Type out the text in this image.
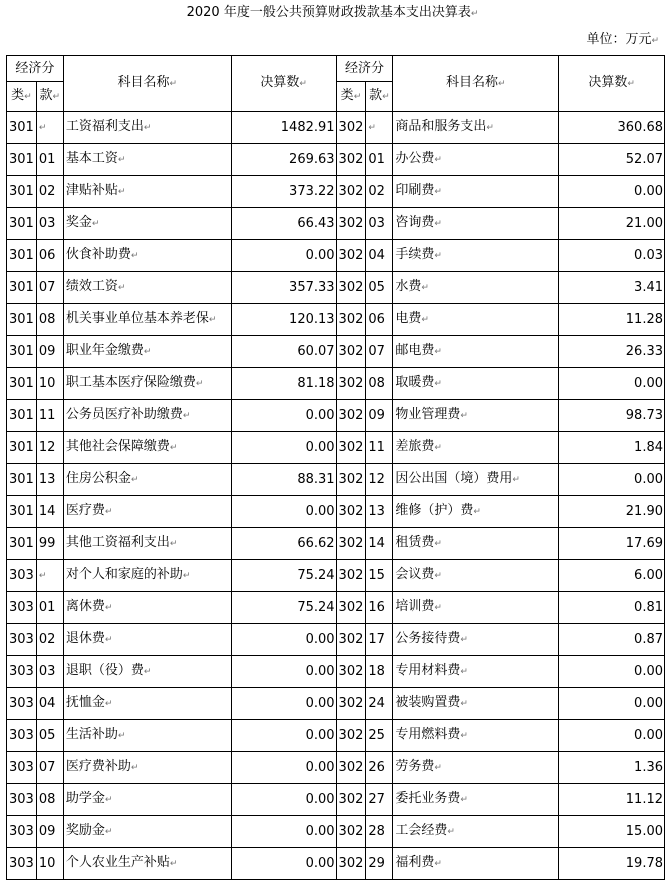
2020 年度一般公共预算财政拨款基本支出决算表↵
单位：万元↵
经济分		科目名称↵	决算数↵	经济分		科目名称↵	决算数↵
类↵	款↵			类↵	款↵		
301	↵	工资福利支出↵	1482.91	302	↵	商品和服务支出↵	360.68
301	01	基本工资↵	269.63	302	01	办公费↵	52.07
301	02	津贴补贴↵	373.22	302	02	印刷费↵	0.00
301	03	奖金↵	66.43	302	03	咨询费↵	21.00
301	06	伙食补助费↵	0.00	302	04	手续费↵	0.03
301	07	绩效工资↵	357.33	302	05	水费↵	3.41
301	08	机关事业单位基本养老保↵	120.13	302	06	电费↵	11.28
301	09	职业年金缴费↵	60.07	302	07	邮电费↵	26.33
301	10	职工基本医疗保险缴费↵	81.18	302	08	取暖费↵	0.00
301	11	公务员医疗补助缴费↵	0.00	302	09	物业管理费↵	98.73
301	12	其他社会保障缴费↵	0.00	302	11	差旅费↵	1.84
301	13	住房公积金↵	88.31	302	12	因公出国（境）费用↵	0.00
301	14	医疗费↵	0.00	302	13	维修（护）费↵	21.90
301	99	其他工资福利支出↵	66.62	302	14	租赁费↵	17.69
303	↵	对个人和家庭的补助↵	75.24	302	15	会议费↵	6.00
303	01	离休费↵	75.24	302	16	培训费↵	0.81
303	02	退休费↵	0.00	302	17	公务接待费↵	0.87
303	03	退职（役）费↵	0.00	302	18	专用材料费↵	0.00
303	04	抚恤金↵	0.00	302	24	被装购置费↵	0.00
303	05	生活补助↵	0.00	302	25	专用燃料费↵	0.00
303	07	医疗费补助↵	0.00	302	26	劳务费↵	1.36
303	08	助学金↵	0.00	302	27	委托业务费↵	11.12
303	09	奖励金↵	0.00	302	28	工会经费↵	15.00
303	10	个人农业生产补贴↵	0.00	302	29	福利费↵	19.78
